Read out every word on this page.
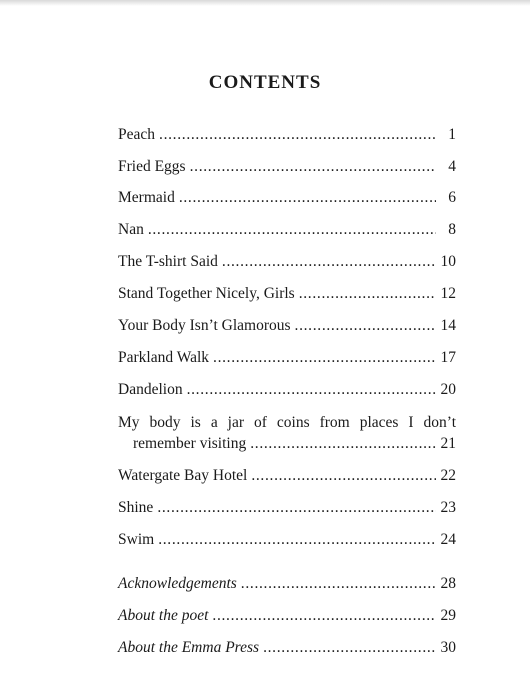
CONTENTS
Peach . . .	1
Fried Eggs . . .	4
Mermaid . . .	6
Nan . . .	8
The T-shirt Said . . .	10
Stand Together Nicely, Girls . . .	12
Your Body Isn’t Glamorous . . .	14
Parkland Walk . . .	17
Dandelion . . .	20
My body is a jar of coins from places I don’t
remember visiting . . .	21
Watergate Bay Hotel . . .	22
Shine . . .	23
Swim . . .	24
Acknowledgements . . .	28
About the poet . . .	29
About the Emma Press . . .	30
